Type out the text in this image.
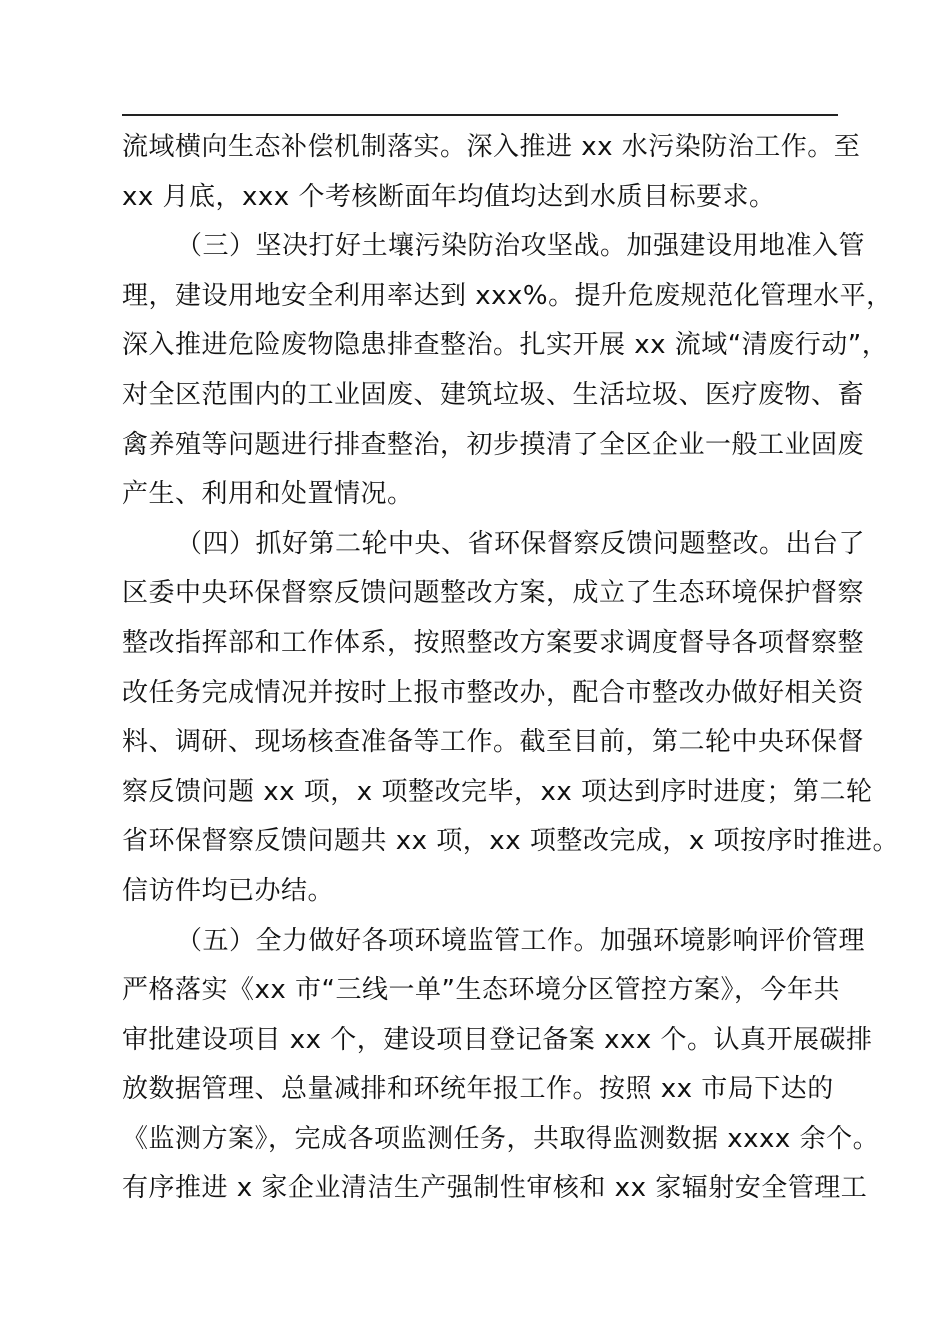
流域横向生态补偿机制落实。深入推进 xx 水污染防治工作。至
xx 月底，xxx 个考核断面年均值均达到水质目标要求。
（三）坚决打好土壤污染防治攻坚战。加强建设用地准入管
理，建设用地安全利用率达到 xxx%。提升危废规范化管理水平，
深入推进危险废物隐患排查整治。扎实开展 xx 流域“清废行动”，
对全区范围内的工业固废、建筑垃圾、生活垃圾、医疗废物、畜
禽养殖等问题进行排查整治，初步摸清了全区企业一般工业固废
产生、利用和处置情况。
（四）抓好第二轮中央、省环保督察反馈问题整改。出台了
区委中央环保督察反馈问题整改方案，成立了生态环境保护督察
整改指挥部和工作体系，按照整改方案要求调度督导各项督察整
改任务完成情况并按时上报市整改办，配合市整改办做好相关资
料、调研、现场核查准备等工作。截至目前，第二轮中央环保督
察反馈问题 xx 项，x 项整改完毕，xx 项达到序时进度；第二轮
省环保督察反馈问题共 xx 项，xx 项整改完成，x 项按序时推进。
信访件均已办结。
（五）全力做好各项环境监管工作。加强环境影响评价管理
严格落实《xx 市“三线一单”生态环境分区管控方案》，今年共
审批建设项目 xx 个，建设项目登记备案 xxx 个。认真开展碳排
放数据管理、总量减排和环统年报工作。按照 xx 市局下达的
《监测方案》，完成各项监测任务，共取得监测数据 xxxx 余个。
有序推进 x 家企业清洁生产强制性审核和 xx 家辐射安全管理工
